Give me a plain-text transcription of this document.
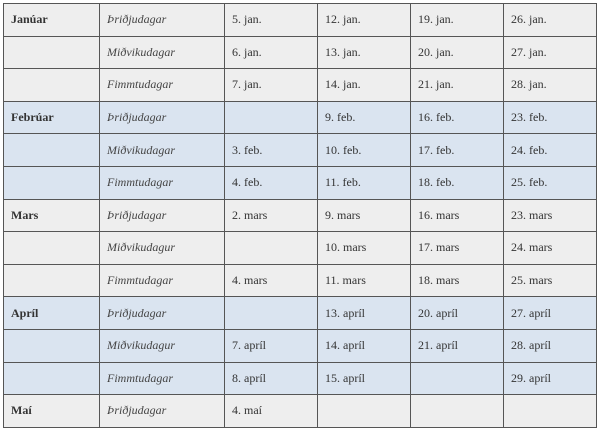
Janúar	Þriðjudagar	5. jan.	12. jan.	19. jan.	26. jan.
	Miðvikudagar	6. jan.	13. jan.	20. jan.	27. jan.
	Fimmtudagar	7. jan.	14. jan.	21. jan.	28. jan.
Febrúar	Þriðjudagar		9. feb.	16. feb.	23. feb.
	Miðvikudagar	3. feb.	10. feb.	17. feb.	24. feb.
	Fimmtudagar	4. feb.	11. feb.	18. feb.	25. feb.
Mars	Þriðjudagar	2. mars	9. mars	16. mars	23. mars
	Miðvikudagur		10. mars	17. mars	24. mars
	Fimmtudagar	4. mars	11. mars	18. mars	25. mars
Apríl	Þriðjudagar		13. apríl	20. apríl	27. apríl
	Miðvikudagur	7. apríl	14. apríl	21. apríl	28. apríl
	Fimmtudagar	8. apríl	15. apríl		29. apríl
Maí	Þriðjudagar	4. maí			
